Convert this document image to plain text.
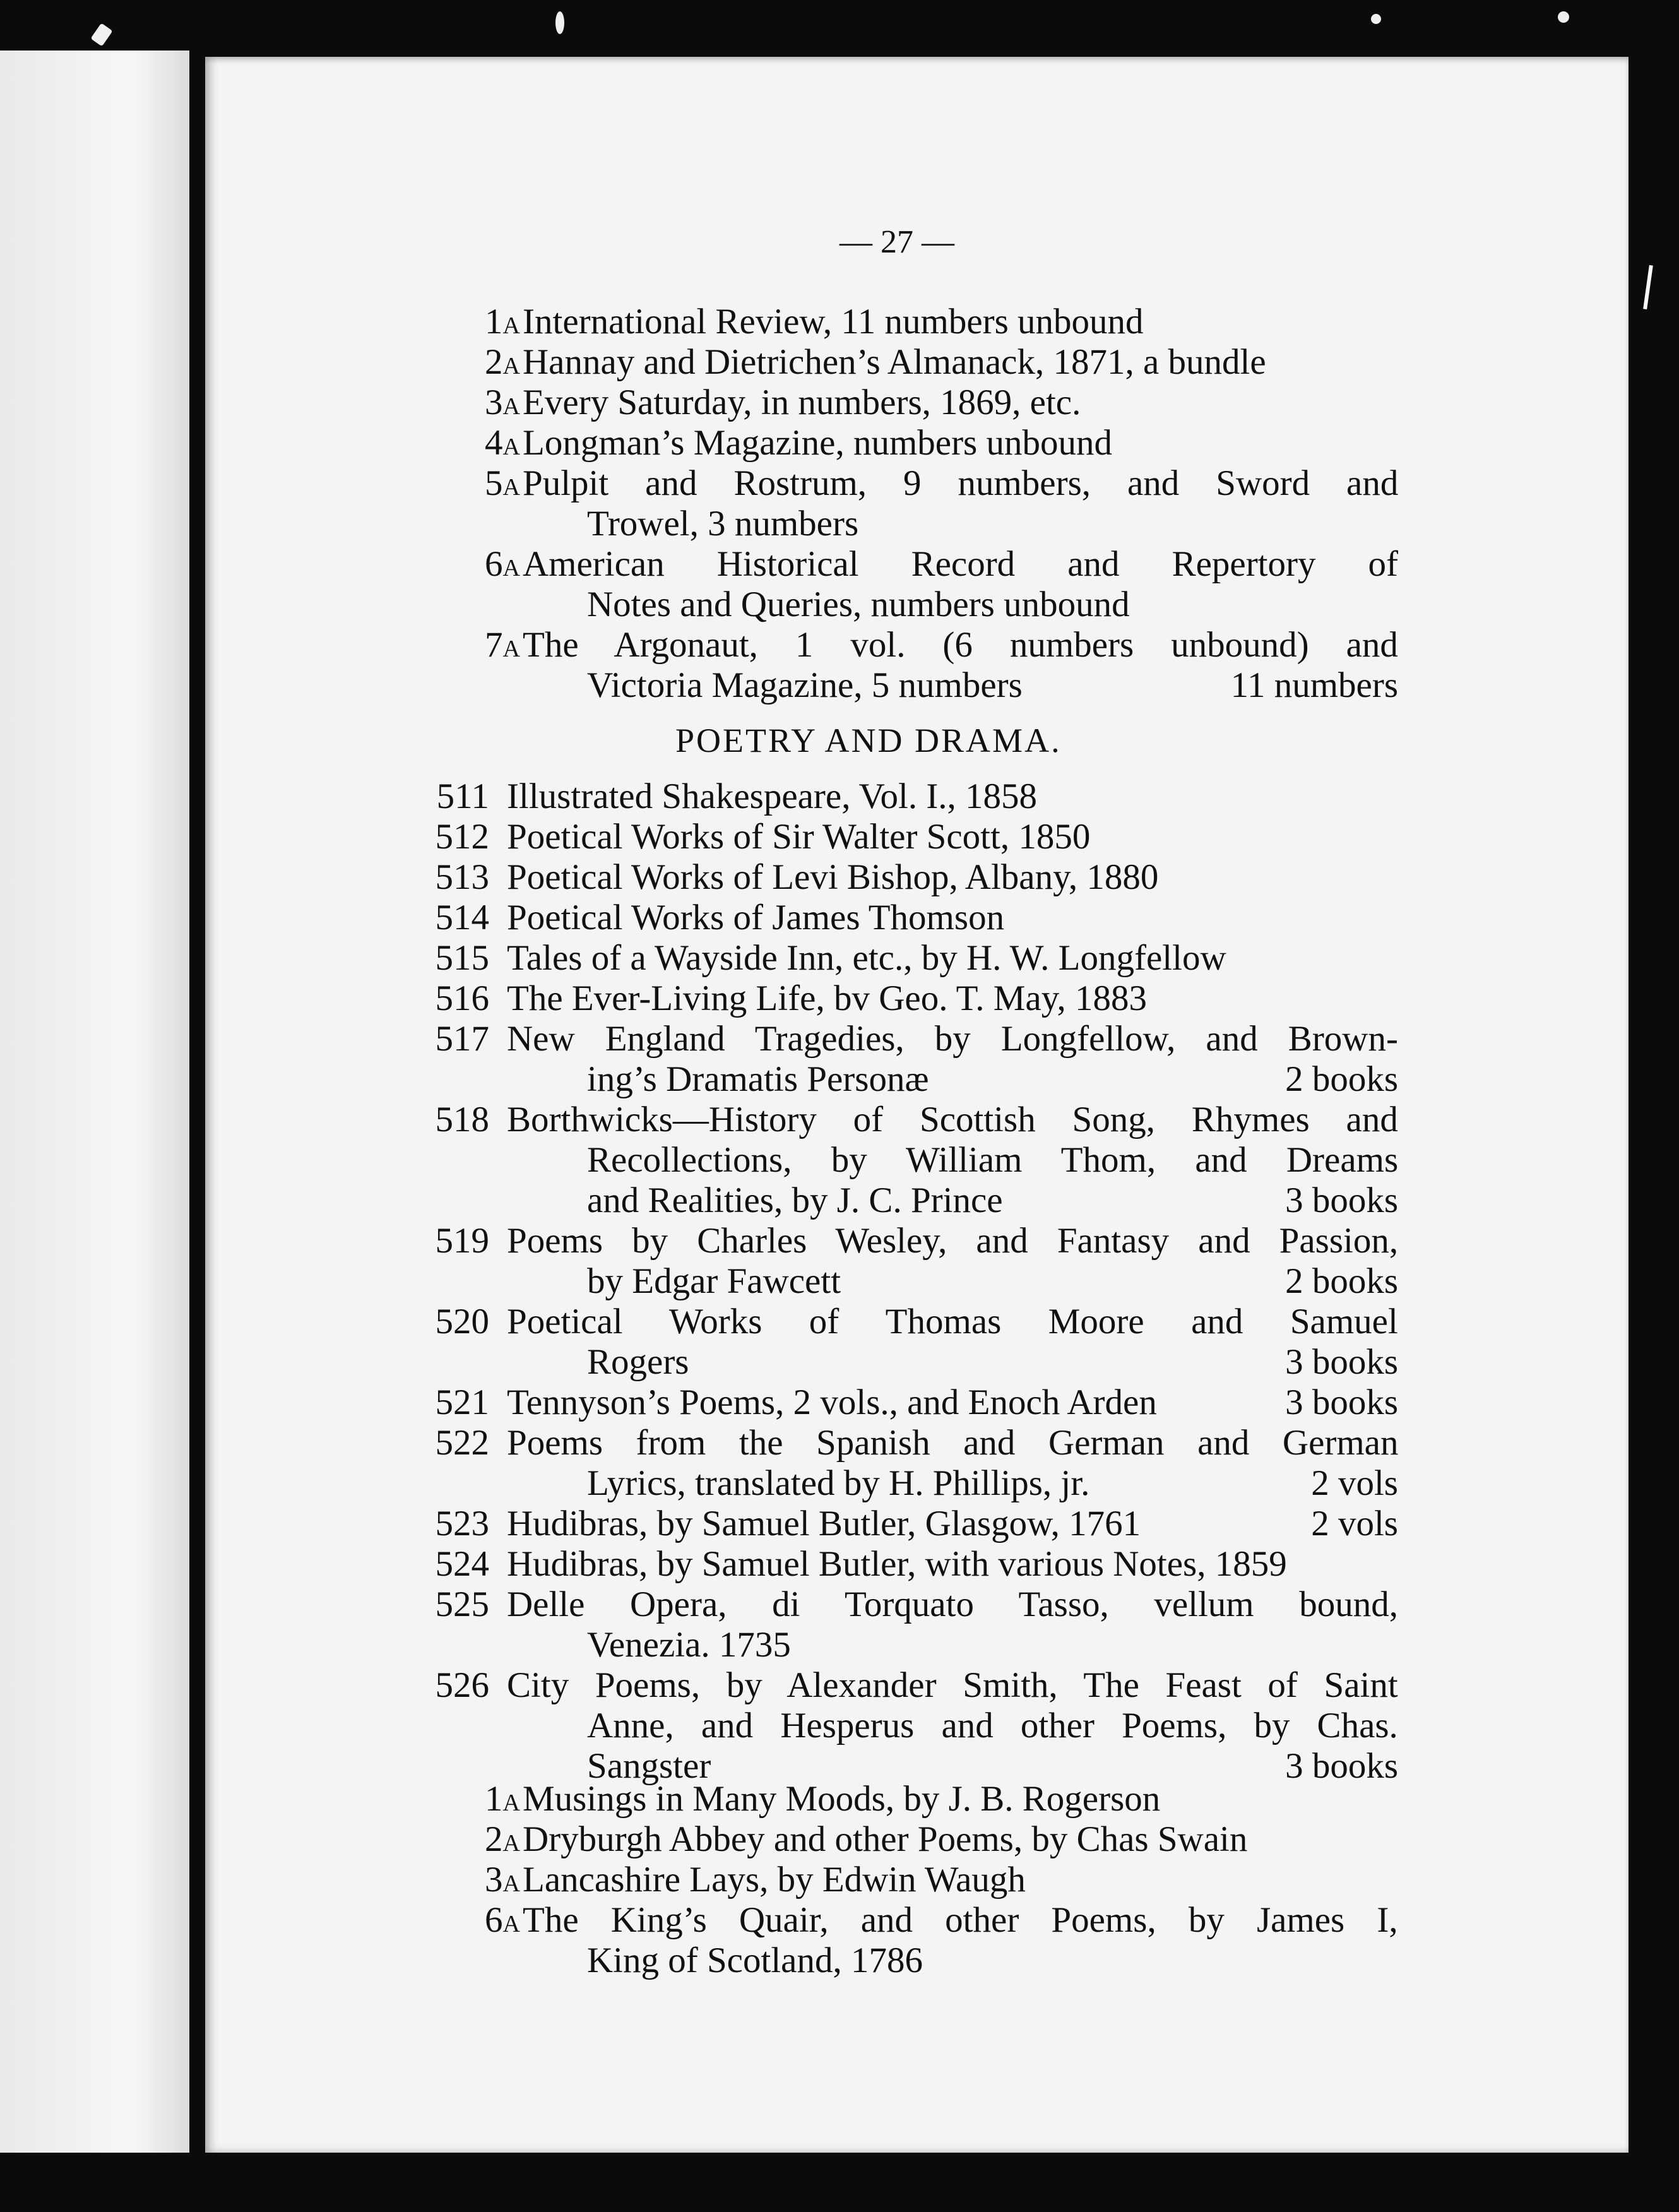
— 27 —
1A International Review, 11 numbers unbound
2A Hannay and Dietrichen’s Almanack, 1871, a bundle
3A Every Saturday, in numbers, 1869, etc.
4A Longman’s Magazine, numbers unbound
5A Pulpit and Rostrum, 9 numbers, and Sword and
Trowel, 3 numbers
6A American Historical Record and Repertory of
Notes and Queries, numbers unbound
7A The Argonaut, 1 vol. (6 numbers unbound) and
Victoria Magazine, 5 numbers	11 numbers
POETRY AND DRAMA.
511 Illustrated Shakespeare, Vol. I., 1858
512 Poetical Works of Sir Walter Scott, 1850
513 Poetical Works of Levi Bishop, Albany, 1880
514 Poetical Works of James Thomson
515 Tales of a Wayside Inn, etc., by H. W. Longfellow
516 The Ever-Living Life, bv Geo. T. May, 1883
517 New England Tragedies, by Longfellow, and Brown-
ing’s Dramatis Personæ	2 books
518 Borthwicks—History of Scottish Song, Rhymes and
Recollections, by William Thom, and Dreams
and Realities, by J. C. Prince	3 books
519 Poems by Charles Wesley, and Fantasy and Passion,
by Edgar Fawcett	2 books
520 Poetical Works of Thomas Moore and Samuel
Rogers	3 books
521 Tennyson’s Poems, 2 vols., and Enoch Arden	3 books
522 Poems from the Spanish and German and German
Lyrics, translated by H. Phillips, jr.	2 vols
523 Hudibras, by Samuel Butler, Glasgow, 1761	2 vols
524 Hudibras, by Samuel Butler, with various Notes, 1859
525 Delle Opera, di Torquato Tasso, vellum bound,
Venezia. 1735
526 City Poems, by Alexander Smith, The Feast of Saint
Anne, and Hesperus and other Poems, by Chas.
Sangster	3 books
1A Musings in Many Moods, by J. B. Rogerson
2A Dryburgh Abbey and other Poems, by Chas Swain
3A Lancashire Lays, by Edwin Waugh
6A The King’s Quair, and other Poems, by James I,
King of Scotland, 1786
